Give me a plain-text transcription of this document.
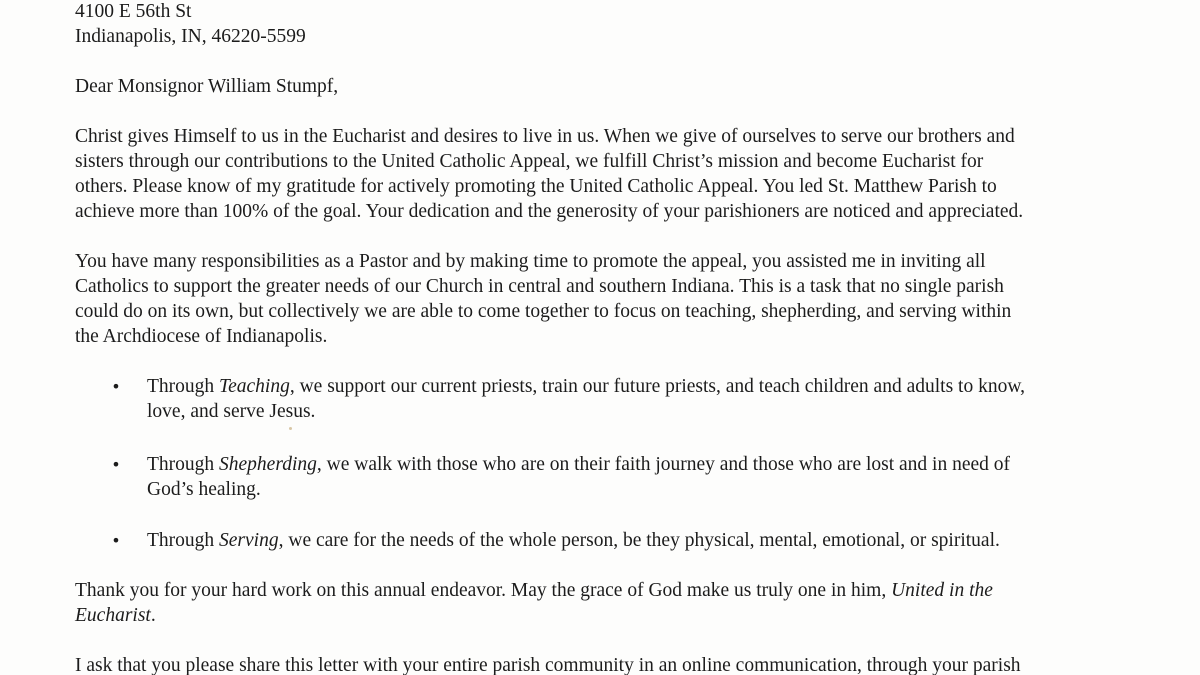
4100 E 56th St
Indianapolis, IN, 46220-5599
Dear Monsignor William Stumpf,
Christ gives Himself to us in the Eucharist and desires to live in us. When we give of ourselves to serve our brothers and
sisters through our contributions to the United Catholic Appeal, we fulfill Christ’s mission and become Eucharist for
others. Please know of my gratitude for actively promoting the United Catholic Appeal. You led St. Matthew Parish to
achieve more than 100% of the goal. Your dedication and the generosity of your parishioners are noticed and appreciated.
You have many responsibilities as a Pastor and by making time to promote the appeal, you assisted me in inviting all
Catholics to support the greater needs of our Church in central and southern Indiana. This is a task that no single parish
could do on its own, but collectively we are able to come together to focus on teaching, shepherding, and serving within
the Archdiocese of Indianapolis.
• Through Teaching, we support our current priests, train our future priests, and teach children and adults to know,
love, and serve Jesus.
• Through Shepherding, we walk with those who are on their faith journey and those who are lost and in need of
God’s healing.
• Through Serving, we care for the needs of the whole person, be they physical, mental, emotional, or spiritual.
Thank you for your hard work on this annual endeavor. May the grace of God make us truly one in him, United in the
Eucharist.
I ask that you please share this letter with your entire parish community in an online communication, through your parish
